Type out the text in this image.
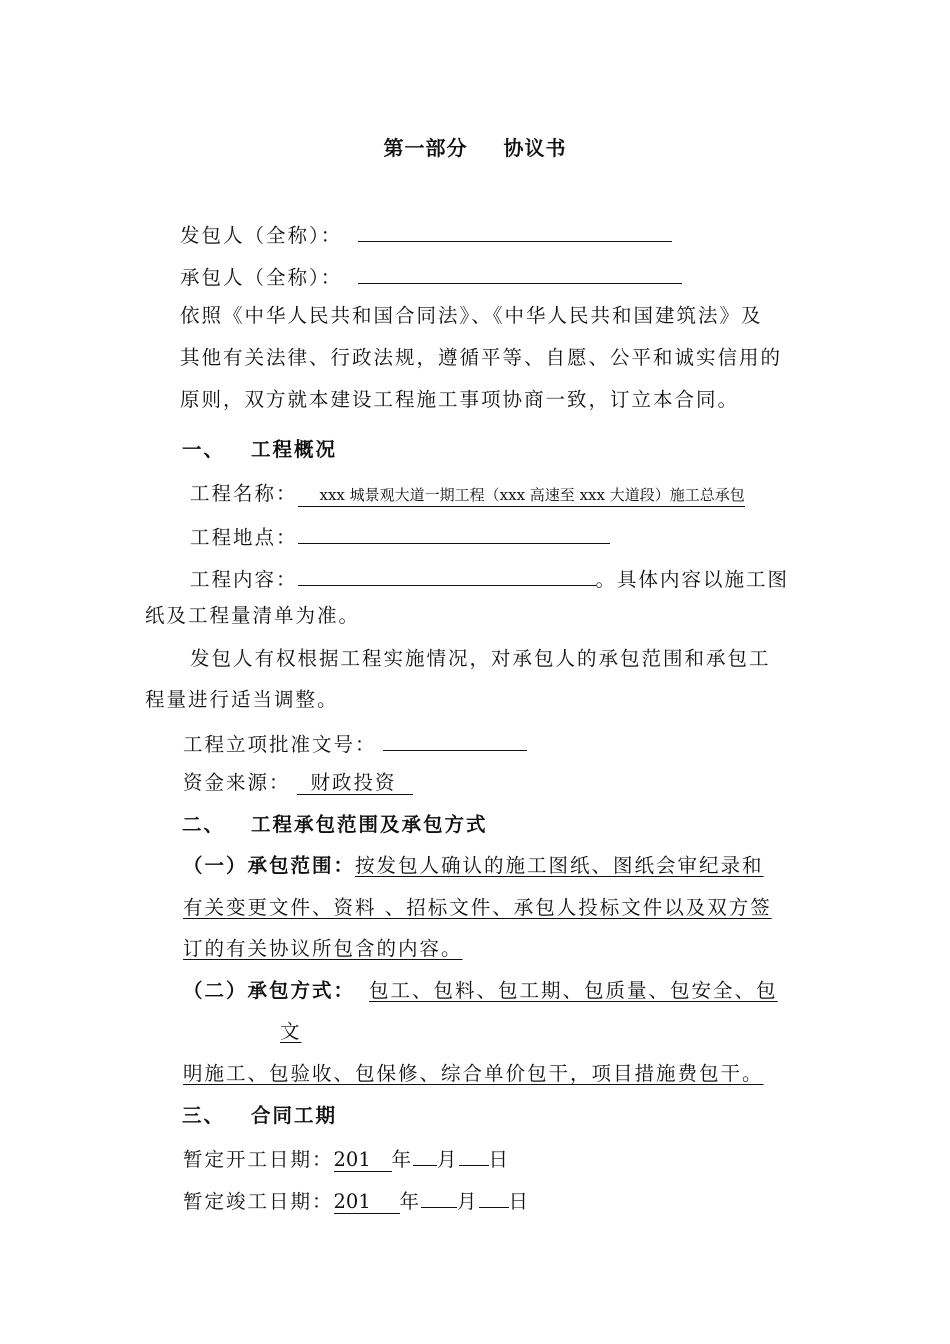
第一部分 协议书
发包人（全称）：
承包人（全称）：
依照《中华人民共和国合同法》、《中华人民共和国建筑法》及
其他有关法律、行政法规，遵循平等、自愿、公平和诚实信用的
原则，双方就本建设工程施工事项协商一致，订立本合同。
一、 工程概况
工程名称： xxx 城景观大道一期工程（xxx 高速至 xxx 大道段）施工总承包
工程地点：
工程内容：	。具体内容以施工图
纸及工程量清单为准。
发包人有权根据工程实施情况，对承包人的承包范围和承包工
程量进行适当调整。
工程立项批准文号：
资金来源： 财政投资
二、 工程承包范围及承包方式
（一）承包范围：按发包人确认的施工图纸、图纸会审纪录和
有关变更文件、资料 、招标文件、承包人投标文件以及双方签
订的有关协议所包含的内容。
（二）承包方式： 包工、包料、包工期、包质量、包安全、包
文
明施工、包验收、包保修、综合单价包干，项目措施费包干。
三、 合同工期
暂定开工日期：201 年 月 日
暂定竣工日期：201 年 月 日
